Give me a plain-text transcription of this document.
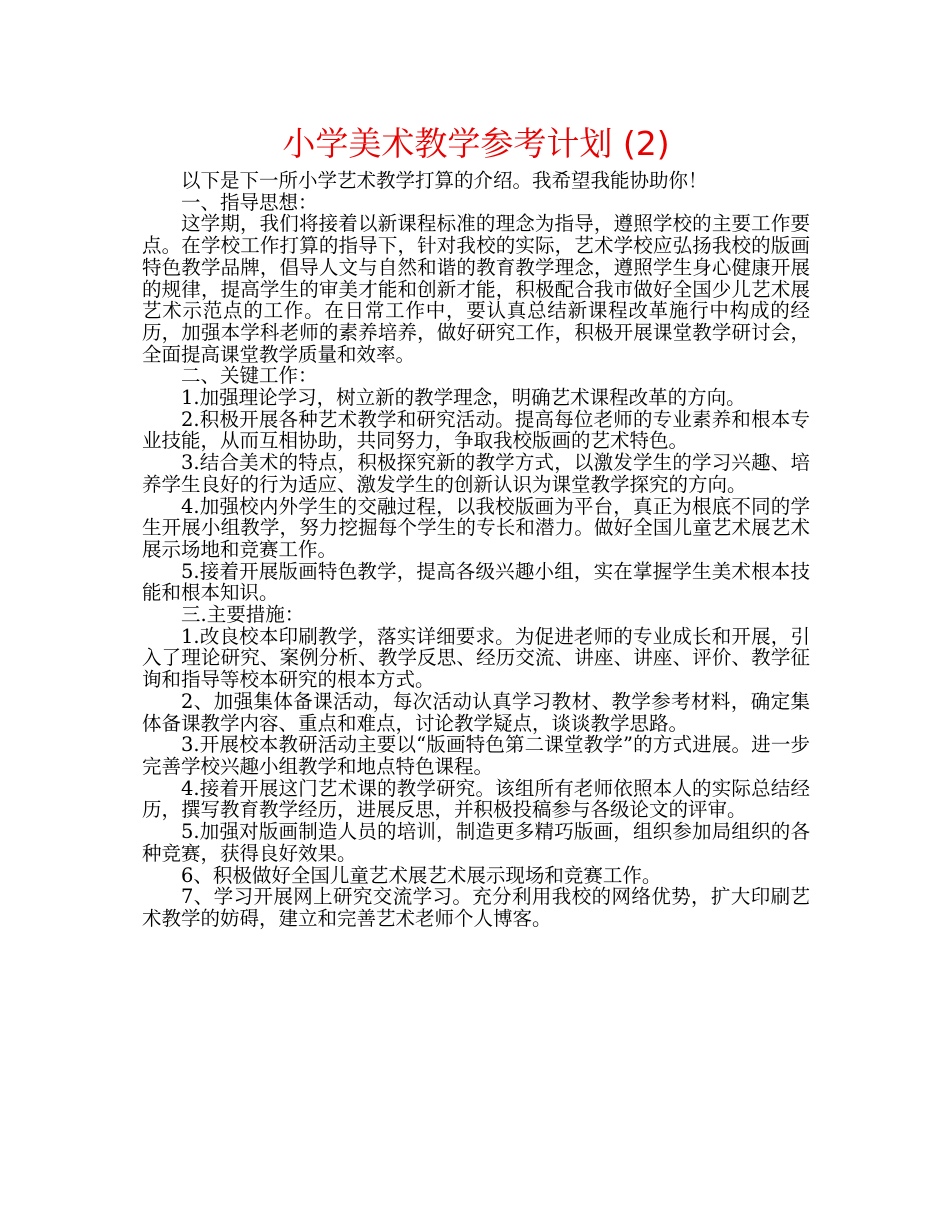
小学美术教学参考计划 (2)

以下是下一所小学艺术教学打算的介绍。我希望我能协助你！

一、指导思想：

这学期，我们将接着以新课程标准的理念为指导，遵照学校的主要工作要点。在学校工作打算的指导下，针对我校的实际，艺术学校应弘扬我校的版画特色教学品牌，倡导人文与自然和谐的教育教学理念，遵照学生身心健康开展的规律，提高学生的审美才能和创新才能，积极配合我市做好全国少儿艺术展艺术示范点的工作。在日常工作中，要认真总结新课程改革施行中构成的经历，加强本学科老师的素养培养，做好研究工作，积极开展课堂教学研讨会，全面提高课堂教学质量和效率。

二、关键工作：

1.加强理论学习，树立新的教学理念，明确艺术课程改革的方向。

2.积极开展各种艺术教学和研究活动。提高每位老师的专业素养和根本专业技能，从而互相协助，共同努力，争取我校版画的艺术特色。

3.结合美术的特点，积极探究新的教学方式，以激发学生的学习兴趣、培养学生良好的行为适应、激发学生的创新认识为课堂教学探究的方向。

4.加强校内外学生的交融过程，以我校版画为平台，真正为根底不同的学生开展小组教学，努力挖掘每个学生的专长和潜力。做好全国儿童艺术展艺术展示场地和竞赛工作。

5.接着开展版画特色教学，提高各级兴趣小组，实在掌握学生美术根本技能和根本知识。

三.主要措施：

1.改良校本印刷教学，落实详细要求。为促进老师的专业成长和开展，引入了理论研究、案例分析、教学反思、经历交流、讲座、讲座、评价、教学征询和指导等校本研究的根本方式。

2、加强集体备课活动，每次活动认真学习教材、教学参考材料，确定集体备课教学内容、重点和难点，讨论教学疑点，谈谈教学思路。

3.开展校本教研活动主要以“版画特色第二课堂教学”的方式进展。进一步完善学校兴趣小组教学和地点特色课程。

4.接着开展这门艺术课的教学研究。该组所有老师依照本人的实际总结经历，撰写教育教学经历，进展反思，并积极投稿参与各级论文的评审。

5.加强对版画制造人员的培训，制造更多精巧版画，组织参加局组织的各种竞赛，获得良好效果。

6、积极做好全国儿童艺术展艺术展示现场和竞赛工作。

7、学习开展网上研究交流学习。充分利用我校的网络优势，扩大印刷艺术教学的妨碍，建立和完善艺术老师个人博客。
